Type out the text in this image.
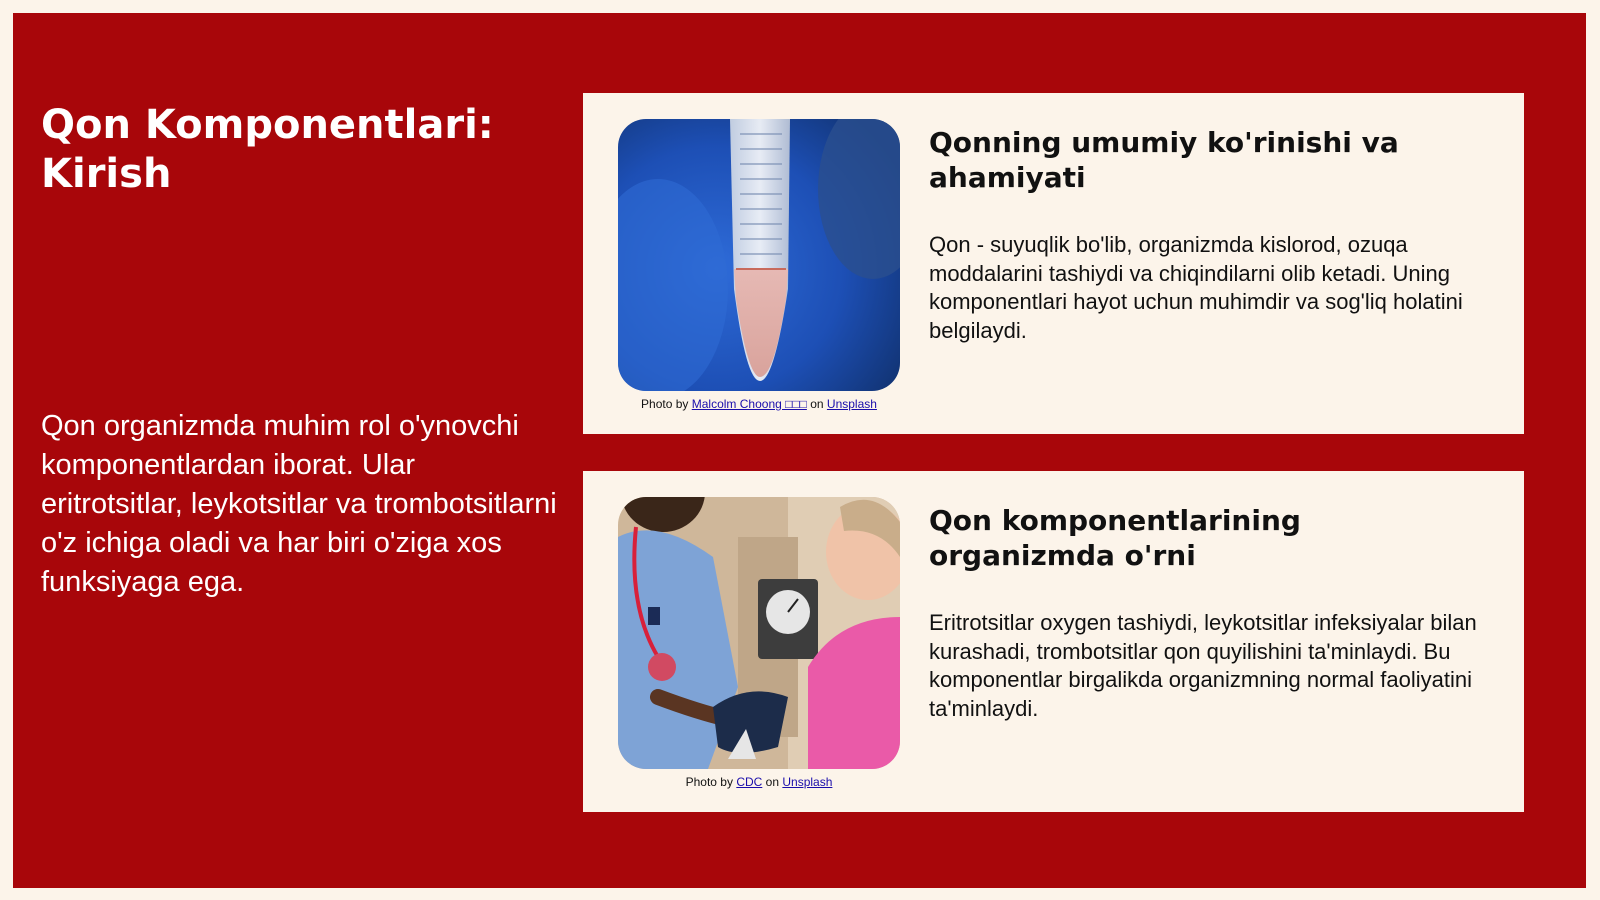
Qon Komponentlari: Kirish

Qon organizmda muhim rol o'ynovchi komponentlardan iborat. Ular eritrotsitlar, leykotsitlar va trombotsitlarni o'z ichiga oladi va har biri o'ziga xos funksiyaga ega.

Photo by Malcolm Choong □□□ on Unsplash
Qonning umumiy ko'rinishi va ahamiyati

Qon - suyuqlik bo'lib, organizmda kislorod, ozuqa moddalarini tashiydi va chiqindilarni olib ketadi. Uning komponentlari hayot uchun muhimdir va sog'liq holatini belgilaydi.

Photo by CDC on Unsplash
Qon komponentlarining organizmda o'rni

Eritrotsitlar oxygen tashiydi, leykotsitlar infeksiyalar bilan kurashadi, trombotsitlar qon quyilishini ta'minlaydi. Bu komponentlar birgalikda organizmning normal faoliyatini ta'minlaydi.
